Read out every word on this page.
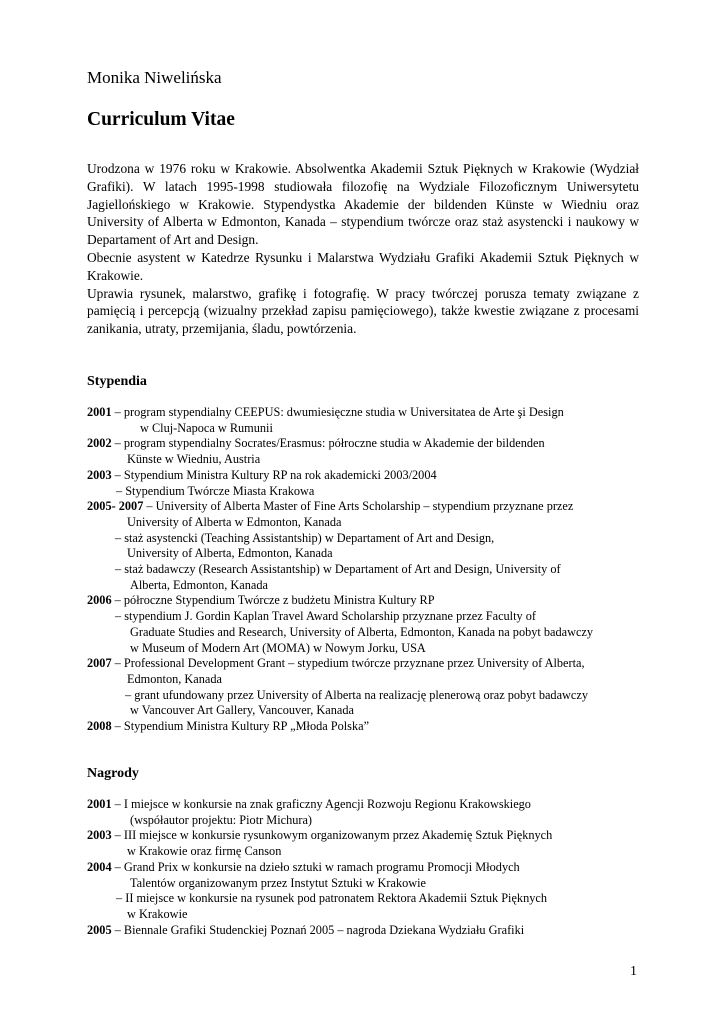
Monika Niwelińska
Curriculum Vitae

Urodzona w 1976 roku w Krakowie. Absolwentka Akademii Sztuk Pięknych w Krakowie (Wydział Grafiki). W latach 1995-1998 studiowała filozofię na Wydziale Filozoficznym Uniwersytetu Jagiellońskiego w Krakowie. Stypendystka Akademie der bildenden Künste w Wiedniu oraz University of Alberta w Edmonton, Kanada – stypendium twórcze oraz staż asystencki i naukowy w Departament of Art and Design.

Obecnie asystent w Katedrze Rysunku i Malarstwa Wydziału Grafiki Akademii Sztuk Pięknych w Krakowie.

Uprawia rysunek, malarstwo, grafikę i fotografię. W pracy twórczej porusza tematy związane z pamięcią i percepcją (wizualny przekład zapisu pamięciowego), także kwestie związane z procesami zanikania, utraty, przemijania, śladu, powtórzenia.

Stypendia
2001 – program stypendialny CEEPUS: dwumiesięczne studia w Universitatea de Arte şi Design
w Cluj-Napoca w Rumunii
2002 – program stypendialny Socrates/Erasmus: półroczne studia w Akademie der bildenden
Künste w Wiedniu, Austria
2003 – Stypendium Ministra Kultury RP na rok akademicki 2003/2004
– Stypendium Twórcze Miasta Krakowa
2005- 2007 – University of Alberta Master of Fine Arts Scholarship – stypendium przyznane przez
University of Alberta w Edmonton, Kanada
– staż asystencki (Teaching Assistantship) w Departament of Art and Design,
University of Alberta, Edmonton, Kanada
– staż badawczy (Research Assistantship) w Departament of Art and Design, University of
Alberta, Edmonton, Kanada
2006 – półroczne Stypendium Twórcze z budżetu Ministra Kultury RP
– stypendium J. Gordin Kaplan Travel Award Scholarship przyznane przez Faculty of
Graduate Studies and Research, University of Alberta, Edmonton, Kanada na pobyt badawczy
w Museum of Modern Art (MOMA) w Nowym Jorku, USA
2007 – Professional Development Grant – stypedium twórcze przyznane przez University of Alberta,
Edmonton, Kanada
– grant ufundowany przez University of Alberta na realizację plenerową oraz pobyt badawczy
w Vancouver Art Gallery, Vancouver, Kanada
2008 – Stypendium Ministra Kultury RP „Młoda Polska”
Nagrody
2001 – I miejsce w konkursie na znak graficzny Agencji Rozwoju Regionu Krakowskiego
(współautor projektu: Piotr Michura)
2003 – III miejsce w konkursie rysunkowym organizowanym przez Akademię Sztuk Pięknych
w Krakowie oraz firmę Canson
2004 – Grand Prix w konkursie na dzieło sztuki w ramach programu Promocji Młodych
Talentów organizowanym przez Instytut Sztuki w Krakowie
– II miejsce w konkursie na rysunek pod patronatem Rektora Akademii Sztuk Pięknych
w Krakowie
2005 – Biennale Grafiki Studenckiej Poznań 2005 – nagroda Dziekana Wydziału Grafiki
1
